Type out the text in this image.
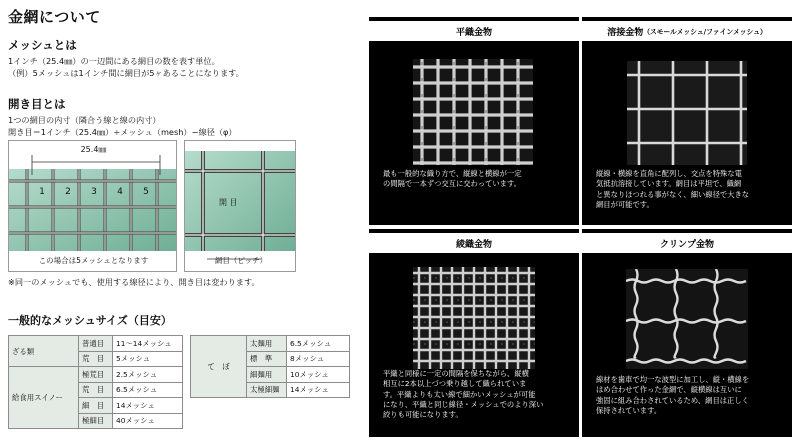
金網について
メッシュとは
1インチ（25.4㎜）の一辺間にある網目の数を表す単位。
（例）5メッシュは1インチ間に網目が5ヶあることになります。
開き目とは
1つの網目の内寸（隣合う線と線の内寸）
開き目＝1インチ（25.4㎜）÷メッシュ（mesh）−線径（φ）
25.4㎜
1	2	3	4	5
この場合は5メッシュとなります
開 目
網目（ピッチ）
※同一のメッシュでも、使用する線径により、開き目は変わります。
一般的なメッシュサイズ（目安）
ざる類	普通目	11〜14メッシュ
	荒　目	5メッシュ
給食用スイノー	極荒目	2.5メッシュ
	荒　目	6.5メッシュ
	細　目	14メッシュ
	極細目	40メッシュ
て　ぼ	太麺用	6.5メッシュ
	標　準	8メッシュ
	細麺用	10メッシュ
	太極細麺	14メッシュ
平織金物
最も一般的な織り方で、縦線と横線が一定
の間隔で一本ずつ交互に交わっています。
溶接金物 （スモールメッシュ/ファインメッシュ）
縦線・横線を直角に配列し、交点を特殊な電
気抵抗溶接しています。網目は平坦で、織網
と異なりほつれる事がなく、細い線径で大きな
網目が可能です。
綾織金物
平織と同様に一定の間隔を保ちながら、縦横
相互に2本以上づつ乗り越して織られていま
す。平織よりも太い線で細かいメッシュが可能
になり、平織と同じ線径・メッシュでのより深い
絞りも可能になります。
クリンプ金物
線材を歯車で均一な波型に加工し、縦・横線を
はめ合わせて作った金網で、縦横線は互いに
強固に組み合わされているため、網目は正しく
保持されています。
